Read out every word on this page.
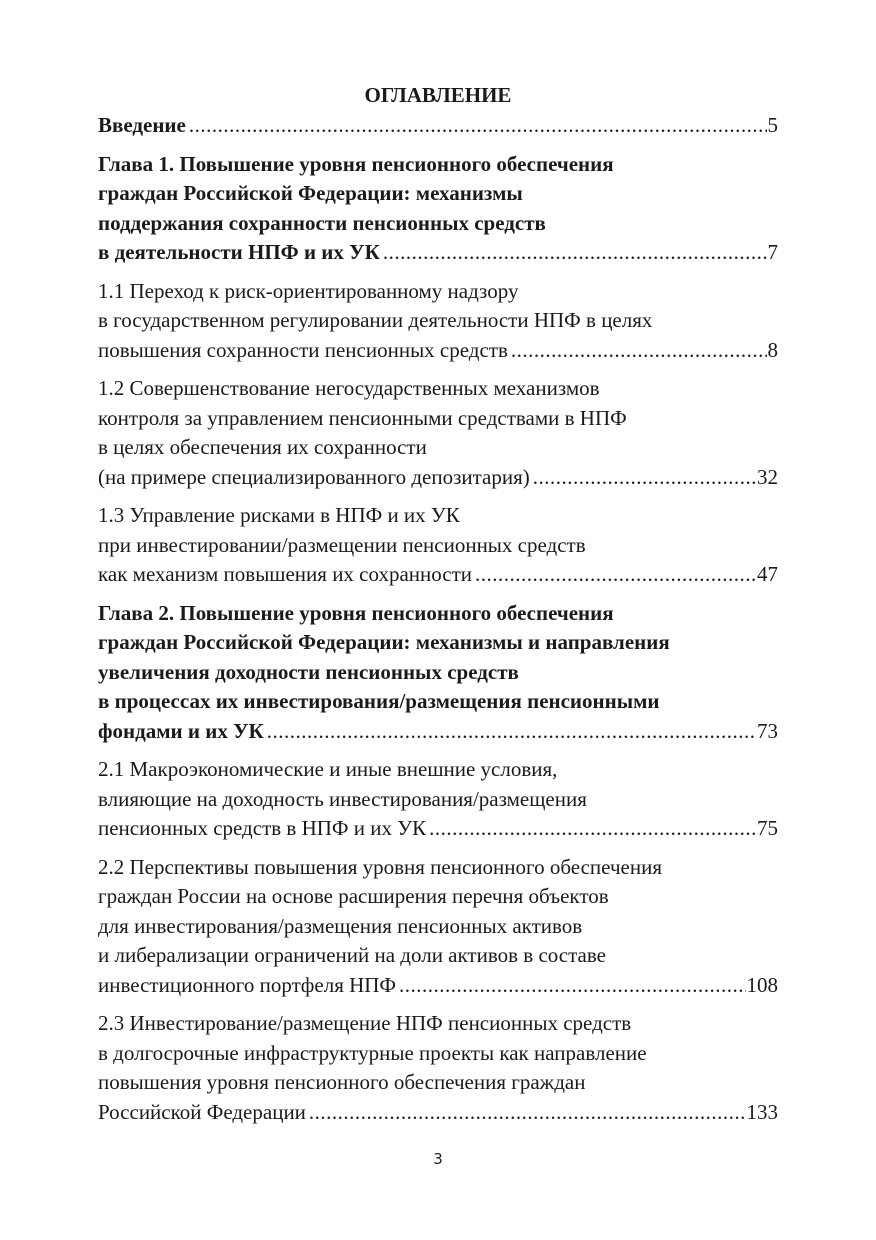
ОГЛАВЛЕНИЕ
Введение .....	5
Глава 1. Повышение уровня пенсионного обеспечения
граждан Российской Федерации: механизмы
поддержания сохранности пенсионных средств
в деятельности НПФ и их УК .....	7
1.1 Переход к риск-ориентированному надзору
в государственном регулировании деятельности НПФ в целях
повышения сохранности пенсионных средств .....	8
1.2 Совершенствование негосударственных механизмов
контроля за управлением пенсионными средствами в НПФ
в целях обеспечения их сохранности
(на примере специализированного депозитария) .....	32
1.3 Управление рисками в НПФ и их УК
при инвестировании/размещении пенсионных средств
как механизм повышения их сохранности .....	47
Глава 2. Повышение уровня пенсионного обеспечения
граждан Российской Федерации: механизмы и направления
увеличения доходности пенсионных средств
в процессах их инвестирования/размещения пенсионными
фондами и их УК .....	73
2.1 Макроэкономические и иные внешние условия,
влияющие на доходность инвестирования/размещения
пенсионных средств в НПФ и их УК .....	75
2.2 Перспективы повышения уровня пенсионного обеспечения
граждан России на основе расширения перечня объектов
для инвестирования/размещения пенсионных активов
и либерализации ограничений на доли активов в составе
инвестиционного портфеля НПФ .....	108
2.3 Инвестирование/размещение НПФ пенсионных средств
в долгосрочные инфраструктурные проекты как направление
повышения уровня пенсионного обеспечения граждан
Российской Федерации .....	133
3
